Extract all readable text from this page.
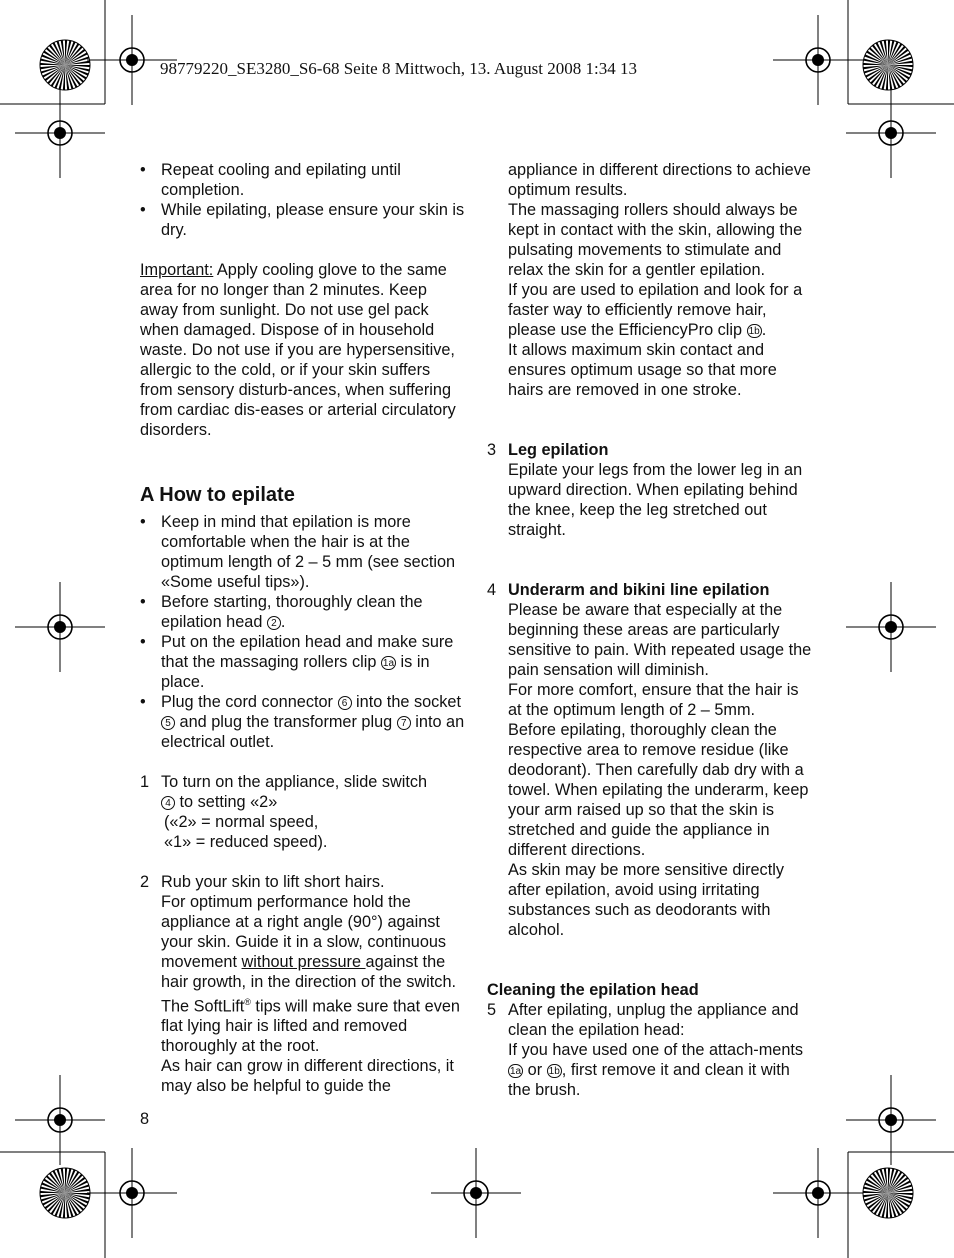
98779220_SE3280_S6-68 Seite 8 Mittwoch, 13. August 2008 1:34 13

• Repeat cooling and epilating until completion.

• While epilating, please ensure your skin is dry.

Important: Apply cooling glove to the same area for no longer than 2 minutes. Keep away from sunlight. Do not use gel pack when damaged. Dispose of in household waste. Do not use if you are hypersensitive, allergic to the cold, or if your skin suffers from sensory disturb-ances, when suffering from cardiac dis-eases or arterial circulatory disorders.

A How to epilate

• Keep in mind that epilation is more comfortable when the hair is at the optimum length of 2 – 5 mm (see section «Some useful tips»).

• Before starting, thoroughly clean the epilation head 2 .

• Put on the epilation head and make sure that the massaging rollers clip 1a is in place.

• Plug the cord connector 6 into the socket 5 and plug the transformer plug 7 into an electrical outlet.

1 To turn on the appliance, slide switch
4 to setting «2»

(«2» = normal speed,

«1» = reduced speed).

2 Rub your skin to lift short hairs.

For optimum performance hold the appliance at a right angle (90°) against your skin. Guide it in a slow, continuous movement without pressure against the hair growth, in the direction of the switch. The SoftLift® tips will make sure that even flat lying hair is lifted and removed thoroughly at the root.

As hair can grow in different directions, it may also be helpful to guide the

8

appliance in different directions to achieve optimum results.

The massaging rollers should always be kept in contact with the skin, allowing the pulsating movements to stimulate and relax the skin for a gentler epilation.

If you are used to epilation and look for a faster way to efficiently remove hair, please use the EfficiencyPro clip 1b .

It allows maximum skin contact and ensures optimum usage so that more hairs are removed in one stroke.

3 Leg epilation

Epilate your legs from the lower leg in an upward direction. When epilating behind the knee, keep the leg stretched out straight.

4 Underarm and bikini line epilation

Please be aware that especially at the beginning these areas are particularly sensitive to pain. With repeated usage the pain sensation will diminish.

For more comfort, ensure that the hair is at the optimum length of 2 – 5mm.

Before epilating, thoroughly clean the respective area to remove residue (like deodorant). Then carefully dab dry with a towel. When epilating the underarm, keep your arm raised up so that the skin is stretched and guide the appliance in different directions.

As skin may be more sensitive directly after epilation, avoid using irritating substances such as deodorants with alcohol.

Cleaning the epilation head

5 After epilating, unplug the appliance and clean the epilation head:

If you have used one of the attach-ments 1a or 1b , first remove it and clean it with the brush.
